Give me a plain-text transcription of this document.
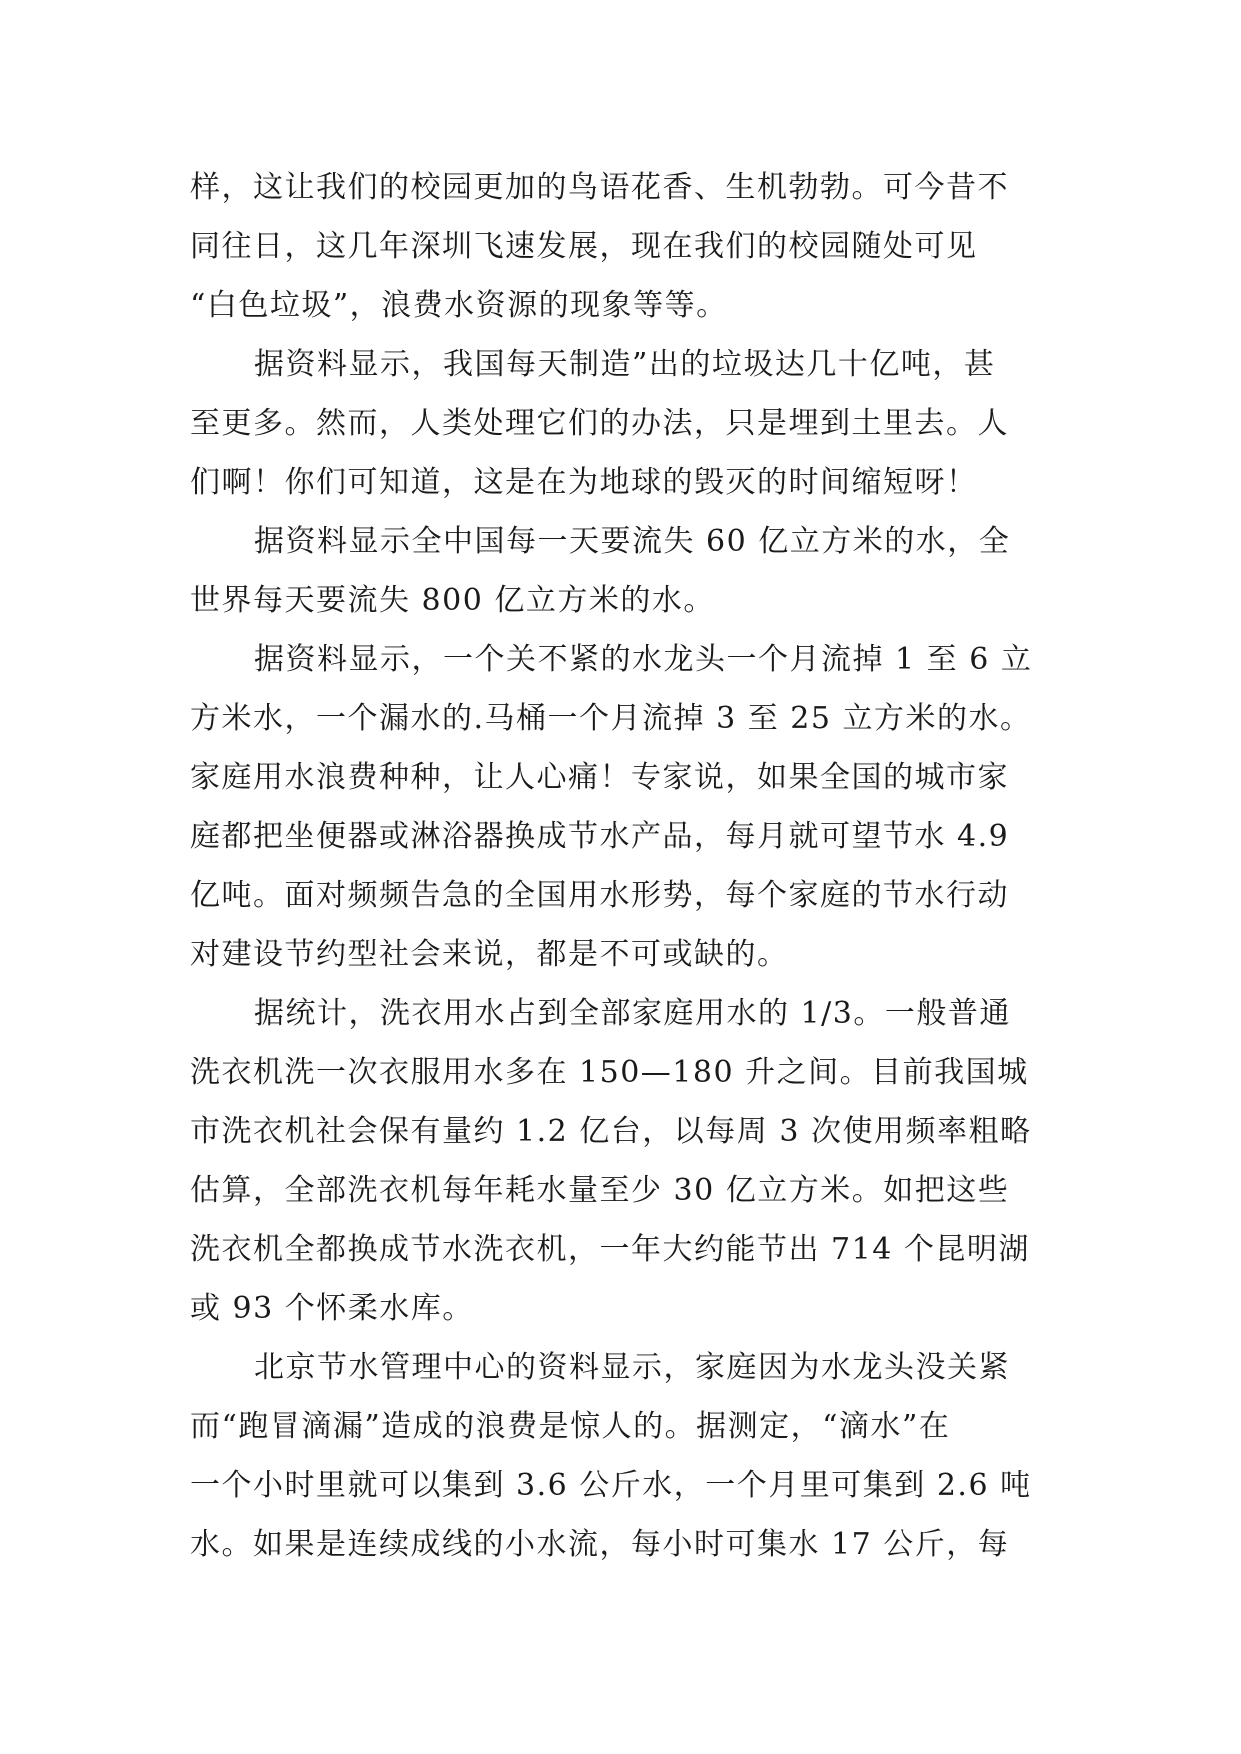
样，这让我们的校园更加的鸟语花香、生机勃勃。可今昔不
同往日，这几年深圳飞速发展，现在我们的校园随处可见
“白色垃圾”，浪费水资源的现象等等。
据资料显示，我国每天制造”出的垃圾达几十亿吨，甚
至更多。然而，人类处理它们的办法，只是埋到土里去。人
们啊！你们可知道，这是在为地球的毁灭的时间缩短呀！
据资料显示全中国每一天要流失 60 亿立方米的水，全
世界每天要流失 800 亿立方米的水。
据资料显示，一个关不紧的水龙头一个月流掉 1 至 6 立
方米水，一个漏水的.马桶一个月流掉 3 至 25 立方米的水。
家庭用水浪费种种，让人心痛！专家说，如果全国的城市家
庭都把坐便器或淋浴器换成节水产品，每月就可望节水 4.9
亿吨。面对频频告急的全国用水形势，每个家庭的节水行动
对建设节约型社会来说，都是不可或缺的。
据统计，洗衣用水占到全部家庭用水的 1/3。一般普通
洗衣机洗一次衣服用水多在 150—180 升之间。目前我国城
市洗衣机社会保有量约 1.2 亿台，以每周 3 次使用频率粗略
估算，全部洗衣机每年耗水量至少 30 亿立方米。如把这些
洗衣机全都换成节水洗衣机，一年大约能节出 714 个昆明湖
或 93 个怀柔水库。
北京节水管理中心的资料显示，家庭因为水龙头没关紧
而“跑冒滴漏”造成的浪费是惊人的。据测定，“滴水”在
一个小时里就可以集到 3.6 公斤水，一个月里可集到 2.6 吨
水。如果是连续成线的小水流，每小时可集水 17 公斤，每
